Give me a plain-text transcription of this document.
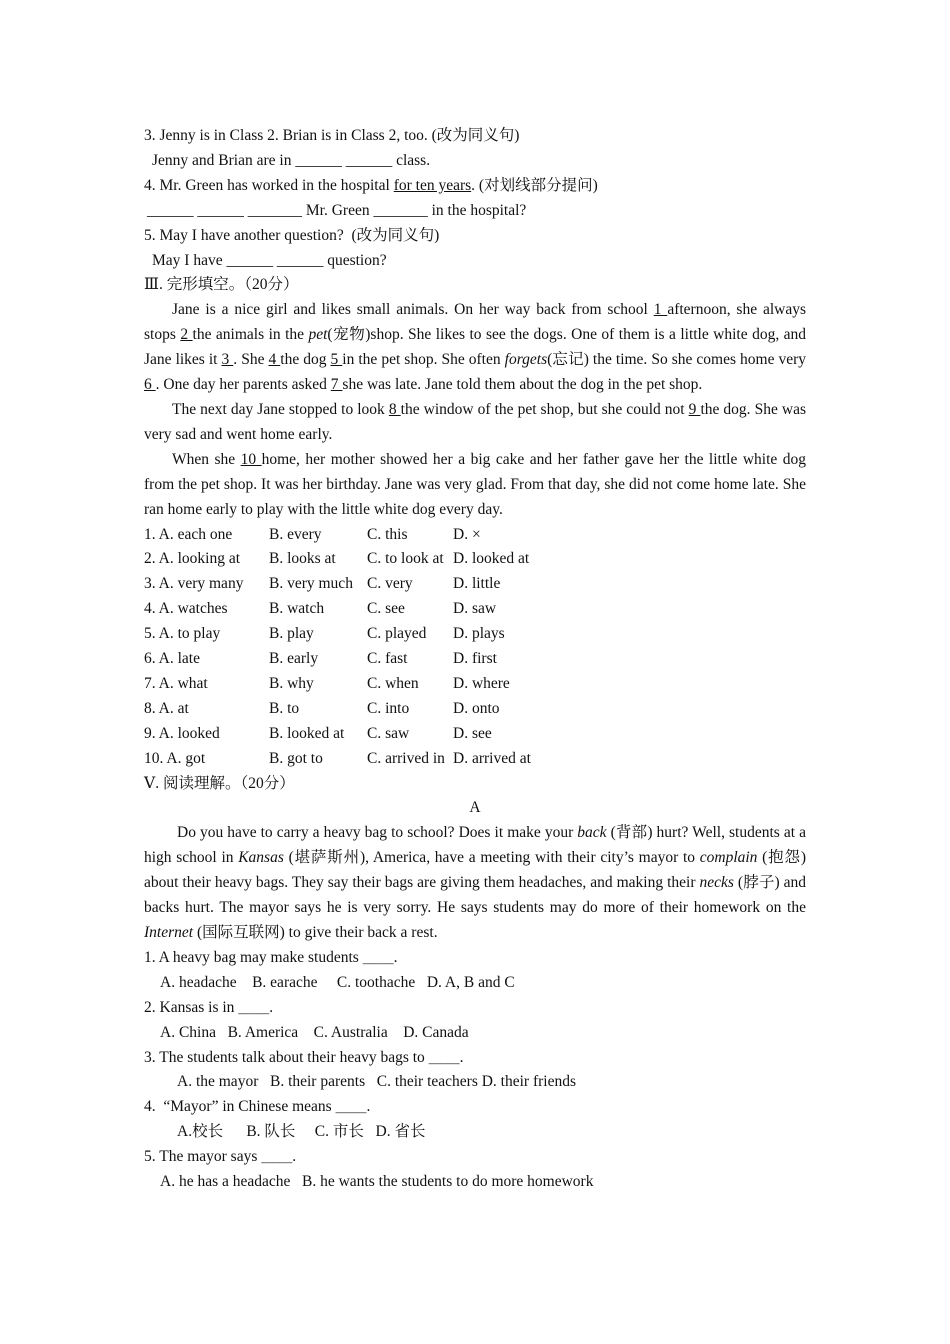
3. Jenny is in Class 2. Brian is in Class 2, too. (改为同义句)
Jenny and Brian are in ______ ______ class.
4. Mr. Green has worked in the hospital for ten years. (对划线部分提问)
______ ______ _______ Mr. Green _______ in the hospital?
5. May I have another question?  (改为同义句)
May I have ______ ______ question?
Ⅲ. 完形填空。（20分）
Jane is a nice girl and likes small animals. On her way back from school 1 afternoon, she always stops 2 the animals in the pet(宠物)shop. She likes to see the dogs. One of them is a little white dog, and Jane likes it 3 . She 4 the dog 5 in the pet shop. She often forgets(忘记) the time. So she comes home very 6 . One day her parents asked 7 she was late. Jane told them about the dog in the pet shop.
The next day Jane stopped to look 8 the window of the pet shop, but she could not 9 the dog. She was very sad and went home early.
When she 10 home, her mother showed her a big cake and her father gave her the little white dog from the pet shop. It was her birthday. Jane was very glad. From that day, she did not come home late. She ran home early to play with the little white dog every day.
1. A. each one	B. every	C. this	D. ×
2. A. looking at	B. looks at	C. to look at D. looked at
3. A. very many	B. very much C. very	D. little
4. A. watches	B. watch	C. see	D. saw
5. A. to play	B. play	C. played	D. plays
6. A. late	B. early	C. fast	D. first
7. A. what	B. why	C. when	D. where
8. A. at	B. to	C. into	D. onto
9. A. looked	B. looked at	C. saw	D. see
10. A. got	B. got to	C. arrived in D. arrived at
Ⅴ. 阅读理解。（20分）
A
Do you have to carry a heavy bag to school? Does it make your back (背部) hurt? Well, students at a high school in Kansas (堪萨斯州), America, have a meeting with their city’s mayor to complain (抱怨) about their heavy bags. They say their bags are giving them headaches, and making their necks (脖子) and backs hurt. The mayor says he is very sorry. He says students may do more of their homework on the Internet (国际互联网) to give their back a rest.
1. A heavy bag may make students ＿＿.
A. headache    B. earache     C. toothache   D. A, B and C
2. Kansas is in ＿＿.
A. China   B. America    C. Australia    D. Canada
3. The students talk about their heavy bags to ＿＿.
A. the mayor   B. their parents   C. their teachers D. their friends
4.  “Mayor” in Chinese means ＿＿.
A.校长      B. 队长     C. 市长   D. 省长
5. The mayor says ＿＿.
A. he has a headache   B. he wants the students to do more homework
